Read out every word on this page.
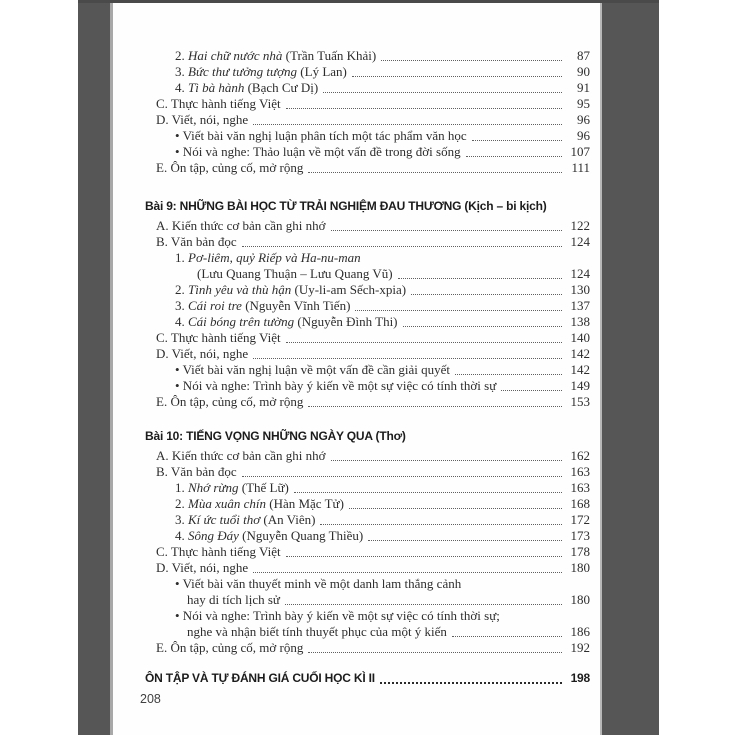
2. Hai chữ nước nhà (Trần Tuấn Khải)	87
3. Bức thư tưởng tượng (Lý Lan)	90
4. Tì bà hành (Bạch Cư Dị)	91
C. Thực hành tiếng Việt	95
D. Viết, nói, nghe	96
• Viết bài văn nghị luận phân tích một tác phẩm văn học	96
• Nói và nghe: Thảo luận về một vấn đề trong đời sống	107
E. Ôn tập, củng cố, mở rộng	111
Bài 9: NHỮNG BÀI HỌC TỪ TRẢI NGHIỆM ĐAU THƯƠNG (Kịch – bi kịch)
A. Kiến thức cơ bản cần ghi nhớ	122
B. Văn bản đọc	124
1. Pơ-liêm, quỷ Riếp và Ha-nu-man
(Lưu Quang Thuận – Lưu Quang Vũ)	124
2. Tình yêu và thù hận (Uy-li-am Sếch-xpia)	130
3. Cái roi tre (Nguyễn Vĩnh Tiến)	137
4. Cái bóng trên tường (Nguyễn Đình Thi)	138
C. Thực hành tiếng Việt	140
D. Viết, nói, nghe	142
• Viết bài văn nghị luận về một vấn đề cần giải quyết	142
• Nói và nghe: Trình bày ý kiến về một sự việc có tính thời sự	149
E. Ôn tập, củng cố, mở rộng	153
Bài 10: TIẾNG VỌNG NHỮNG NGÀY QUA (Thơ)
A. Kiến thức cơ bản cần ghi nhớ	162
B. Văn bản đọc	163
1. Nhớ rừng (Thế Lữ)	163
2. Mùa xuân chín (Hàn Mặc Tử)	168
3. Kí ức tuổi thơ (An Viên)	172
4. Sông Đáy (Nguyễn Quang Thiều)	173
C. Thực hành tiếng Việt	178
D. Viết, nói, nghe	180
• Viết bài văn thuyết minh về một danh lam thắng cảnh
hay di tích lịch sử	180
• Nói và nghe: Trình bày ý kiến về một sự việc có tính thời sự;
nghe và nhận biết tính thuyết phục của một ý kiến	186
E. Ôn tập, củng cố, mở rộng	192
ÔN TẬP VÀ TỰ ĐÁNH GIÁ CUỐI HỌC KÌ II	198
208
